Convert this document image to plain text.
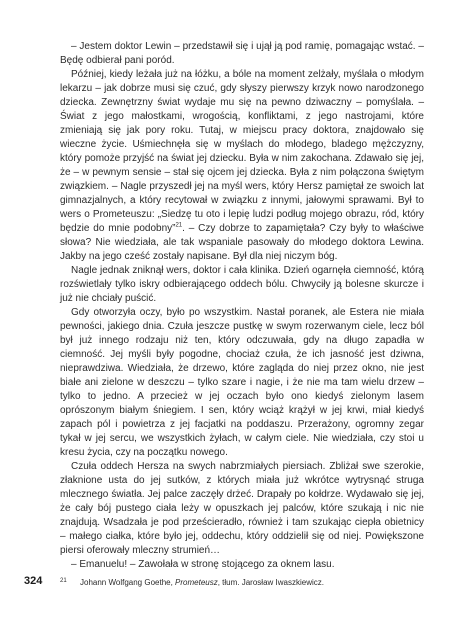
– Jestem doktor Lewin – przedstawił się i ujął ją pod ramię, pomagając wstać. – Będę odbierał pani poród.

Później, kiedy leżała już na łóżku, a bóle na moment zelżały, myślała o młodym lekarzu – jak dobrze musi się czuć, gdy słyszy pierwszy krzyk nowo narodzonego dziecka. Zewnętrzny świat wydaje mu się na pewno dziwaczny – pomyślała. – Świat z jego małostkami, wrogością, konfliktami, z jego nastrojami, które zmieniają się jak pory roku. Tutaj, w miejscu pracy doktora, znajdowało się wieczne życie. Uśmiechnęła się w myślach do młodego, bladego mężczyzny, który pomoże przyjść na świat jej dziecku. Była w nim zakochana. Zdawało się jej, że – w pewnym sensie – stał się ojcem jej dziecka. Była z nim połączona świętym związkiem. – Nagle przyszedł jej na myśl wers, który Hersz pamiętał ze swoich lat gimnazjalnych, a który recytował w związku z innymi, jałowymi sprawami. Był to wers o Prometeuszu: „Siedzę tu oto i lepię ludzi podług mojego obrazu, ród, który będzie do mnie podobny”$^{21}$. – Czy dobrze to zapamiętała? Czy były to właściwe słowa? Nie wiedziała, ale tak wspaniale pasowały do młodego doktora Lewina. Jakby na jego cześć zostały napisane. Był dla niej niczym bóg.

Nagle jednak zniknął wers, doktor i cała klinika. Dzień ogarnęła ciemność, którą rozświetlały tylko iskry odbierającego oddech bólu. Chwyciły ją bolesne skurcze i już nie chciały puścić.

Gdy otworzyła oczy, było po wszystkim. Nastał poranek, ale Estera nie miała pewności, jakiego dnia. Czuła jeszcze pustkę w swym rozerwanym ciele, lecz ból był już innego rodzaju niż ten, który odczuwała, gdy na długo zapadła w ciemność. Jej myśli były pogodne, chociaż czuła, że ich jasność jest dziwna, nieprawdziwa. Wiedziała, że drzewo, które zagląda do niej przez okno, nie jest białe ani zielone w deszczu – tylko szare i nagie, i że nie ma tam wielu drzew – tylko to jedno. A przecież w jej oczach było ono kiedyś zielonym lasem oprószonym białym śniegiem. I sen, który wciąż krążył w jej krwi, miał kiedyś zapach pól i powietrza z jej facjatki na poddaszu. Przerażony, ogromny zegar tykał w jej sercu, we wszystkich żyłach, w całym ciele. Nie wiedziała, czy stoi u kresu życia, czy na początku nowego.

Czuła oddech Hersza na swych nabrzmiałych piersiach. Zbliżał swe szerokie, złaknione usta do jej sutków, z których miała już wkrótce wytrysnąć struga mlecznego światła. Jej palce zaczęły drżeć. Drapały po kołdrze. Wydawało się jej, że cały bój pustego ciała leży w opuszkach jej palców, które szukają i nic nie znajdują. Wsadzała je pod prześcieradło, również i tam szukając ciepła obietnicy – małego ciałka, które było jej, oddechu, który oddzielił się od niej. Powiększone piersi oferowały mleczny strumień…

– Emanuelu! – Zawołała w stronę stojącego za oknem lasu.

324	21 Johann Wolfgang Goethe, Prometeusz, tłum. Jarosław Iwaszkiewicz.
